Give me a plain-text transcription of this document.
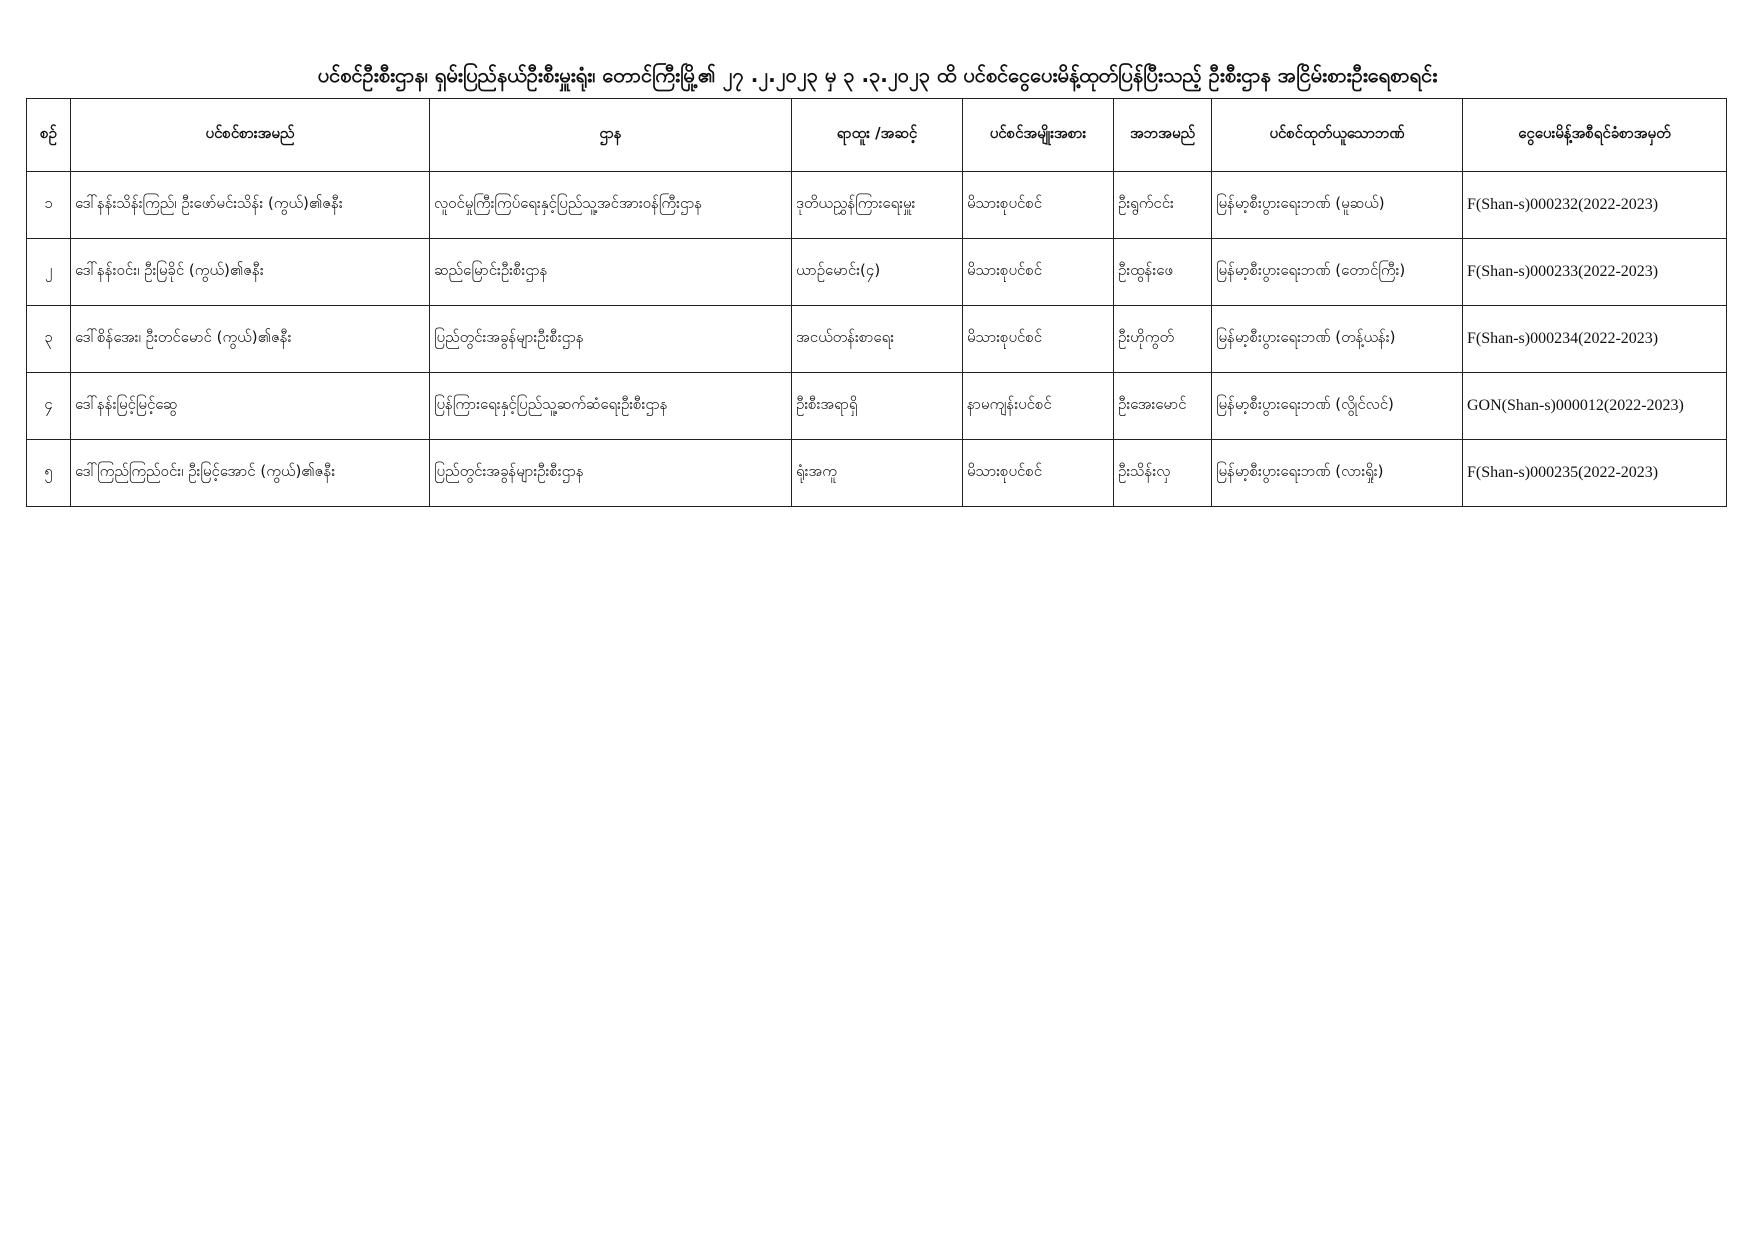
ပင်စင်ဦးစီးဌာန၊ ရှမ်းပြည်နယ်ဦးစီးမှူးရုံး၊ တောင်ကြီးမြို့၏ ၂၇ .၂.၂၀၂၃ မှ ၃ .၃.၂၀၂၃ ထိ ပင်စင်ငွေပေးမိန့်ထုတ်ပြန်ပြီးသည့် ဦးစီးဌာန အငြိမ်းစားဦးရေစာရင်း
စဉ်	ပင်စင်စားအမည်	ဌာန	ရာထူး /အဆင့်	ပင်စင်အမျိုးအစား	အဘအမည်	ပင်စင်ထုတ်ယူသောဘဏ်	ငွေပေးမိန့်အစီရင်ခံစာအမှတ်
၁	ဒေါ်နန်းသိန်းကြည်၊ ဦးဖော်မင်းသိန်း (ကွယ်)၏ဇနီး	လူဝင်မှုကြီးကြပ်ရေးနှင့်ပြည်သူ့အင်အားဝန်ကြီးဌာန	ဒုတိယညွှန်ကြားရေးမှူး	မိသားစုပင်စင်	ဦးရွက်ငင်း	မြန်မာ့စီးပွားရေးဘဏ် (မူဆယ်)	F(Shan-s)000232(2022-2023)
၂	ဒေါ်နန်းဝင်း၊ ဦးမြခိုင် (ကွယ်)၏ဇနီး	ဆည်မြောင်းဦးစီးဌာန	ယာဉ်မောင်း(၄)	မိသားစုပင်စင်	ဦးထွန်းဖေ	မြန်မာ့စီးပွားရေးဘဏ် (တောင်ကြီး)	F(Shan-s)000233(2022-2023)
၃	ဒေါ်စိန်အေး၊ ဦးတင်မောင် (ကွယ်)၏ဇနီး	ပြည်တွင်းအခွန်များဦးစီးဌာန	အငယ်တန်းစာရေး	မိသားစုပင်စင်	ဦးဟိုကွတ်	မြန်မာ့စီးပွားရေးဘဏ် (တန့်ယန်း)	F(Shan-s)000234(2022-2023)
၄	ဒေါ်နန်းမြင့်မြင့်ဆွေ	ပြန်ကြားရေးနှင့်ပြည်သူ့ဆက်ဆံရေးဦးစီးဌာန	ဦးစီးအရာရှိ	နာမကျန်းပင်စင်	ဦးအေးမောင်	မြန်မာ့စီးပွားရေးဘဏ် (လွိုင်လင်)	GON(Shan-s)000012(2022-2023)
၅	ဒေါ်ကြည်ကြည်ဝင်း၊ ဦးမြင့်အောင် (ကွယ်)၏ဇနီး	ပြည်တွင်းအခွန်များဦးစီးဌာန	ရုံးအကူ	မိသားစုပင်စင်	ဦးသိန်းလှ	မြန်မာ့စီးပွားရေးဘဏ် (လားရှိုး)	F(Shan-s)000235(2022-2023)
